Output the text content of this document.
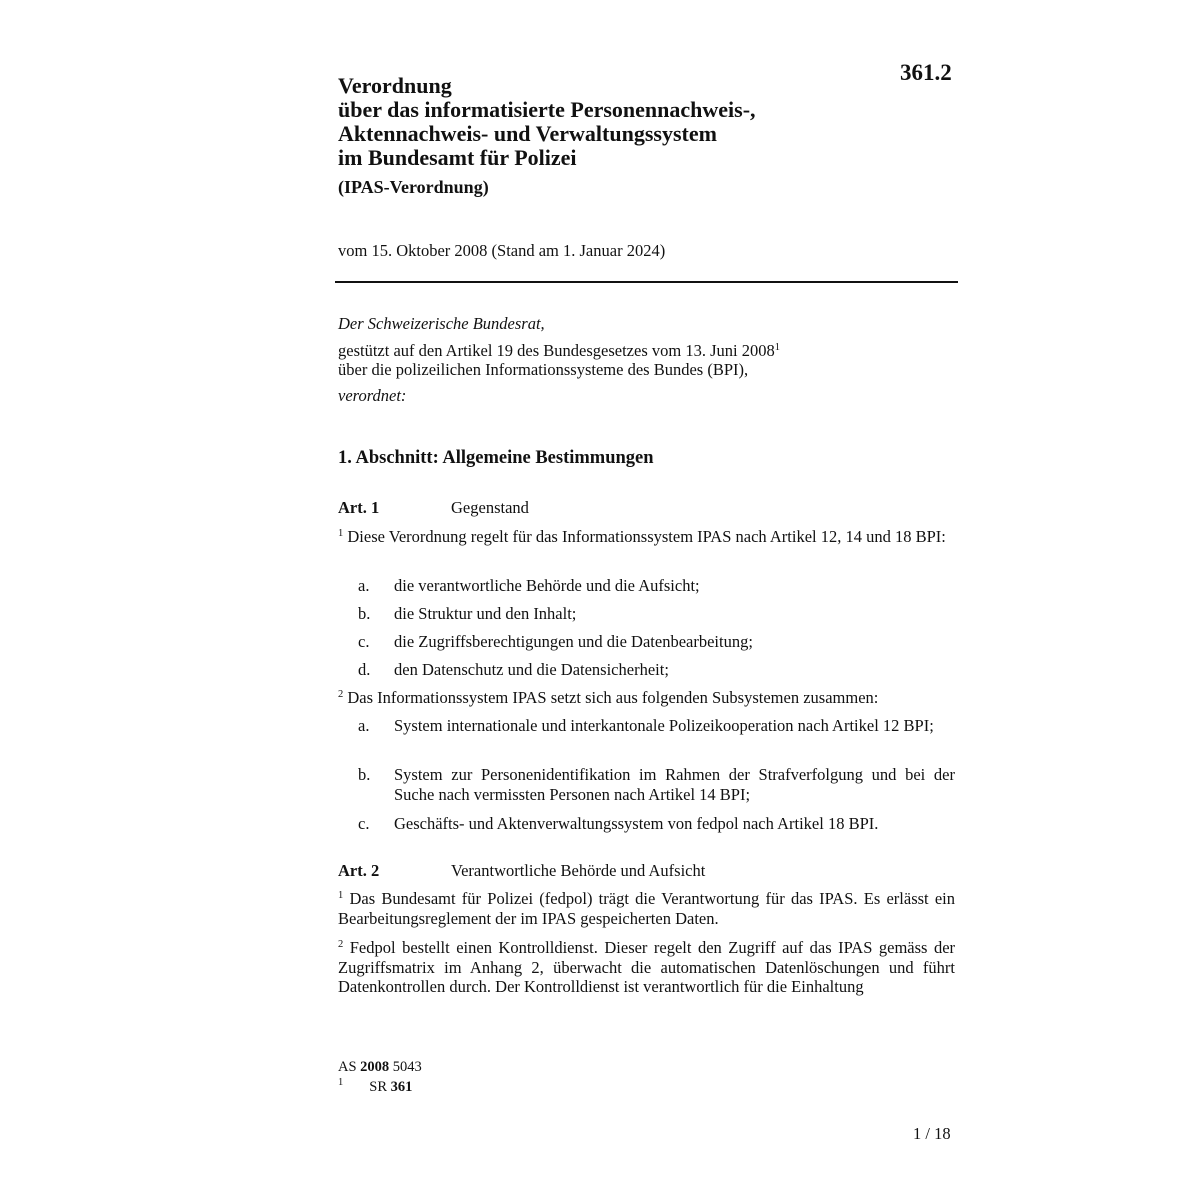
361.2
Verordnung
über das informatisierte Personennachweis-,
Aktennachweis- und Verwaltungssystem
im Bundesamt für Polizei
(IPAS-Verordnung)
vom 15. Oktober 2008 (Stand am 1. Januar 2024)
Der Schweizerische Bundesrat,
gestützt auf den Artikel 19 des Bundesgesetzes vom 13. Juni 2008$^1$
über die polizeilichen Informationssysteme des Bundes (BPI),
verordnet:
1. Abschnitt: Allgemeine Bestimmungen
Art. 1	Gegenstand
$^1$ Diese Verordnung regelt für das Informationssystem IPAS nach Artikel 12, 14 und 18 BPI:
a. die verantwortliche Behörde und die Aufsicht;
b. die Struktur und den Inhalt;
c. die Zugriffsberechtigungen und die Datenbearbeitung;
d. den Datenschutz und die Datensicherheit;
$^2$ Das Informationssystem IPAS setzt sich aus folgenden Subsystemen zusammen:
a. System internationale und interkantonale Polizeikooperation nach Artikel 12 BPI;
b. System zur Personenidentifikation im Rahmen der Strafverfolgung und bei der Suche nach vermissten Personen nach Artikel 14 BPI;
c. Geschäfts- und Aktenverwaltungssystem von fedpol nach Artikel 18 BPI.
Art. 2	Verantwortliche Behörde und Aufsicht
$^1$ Das Bundesamt für Polizei (fedpol) trägt die Verantwortung für das IPAS. Es erlässt ein Bearbeitungsreglement der im IPAS gespeicherten Daten.
$^2$ Fedpol bestellt einen Kontrolldienst. Dieser regelt den Zugriff auf das IPAS gemäss der Zugriffsmatrix im Anhang 2, überwacht die automatischen Datenlöschungen und führt Datenkontrollen durch. Der Kontrolldienst ist verantwortlich für die Einhaltung
AS 2008 5043
$^1$ SR 361
1 / 18
